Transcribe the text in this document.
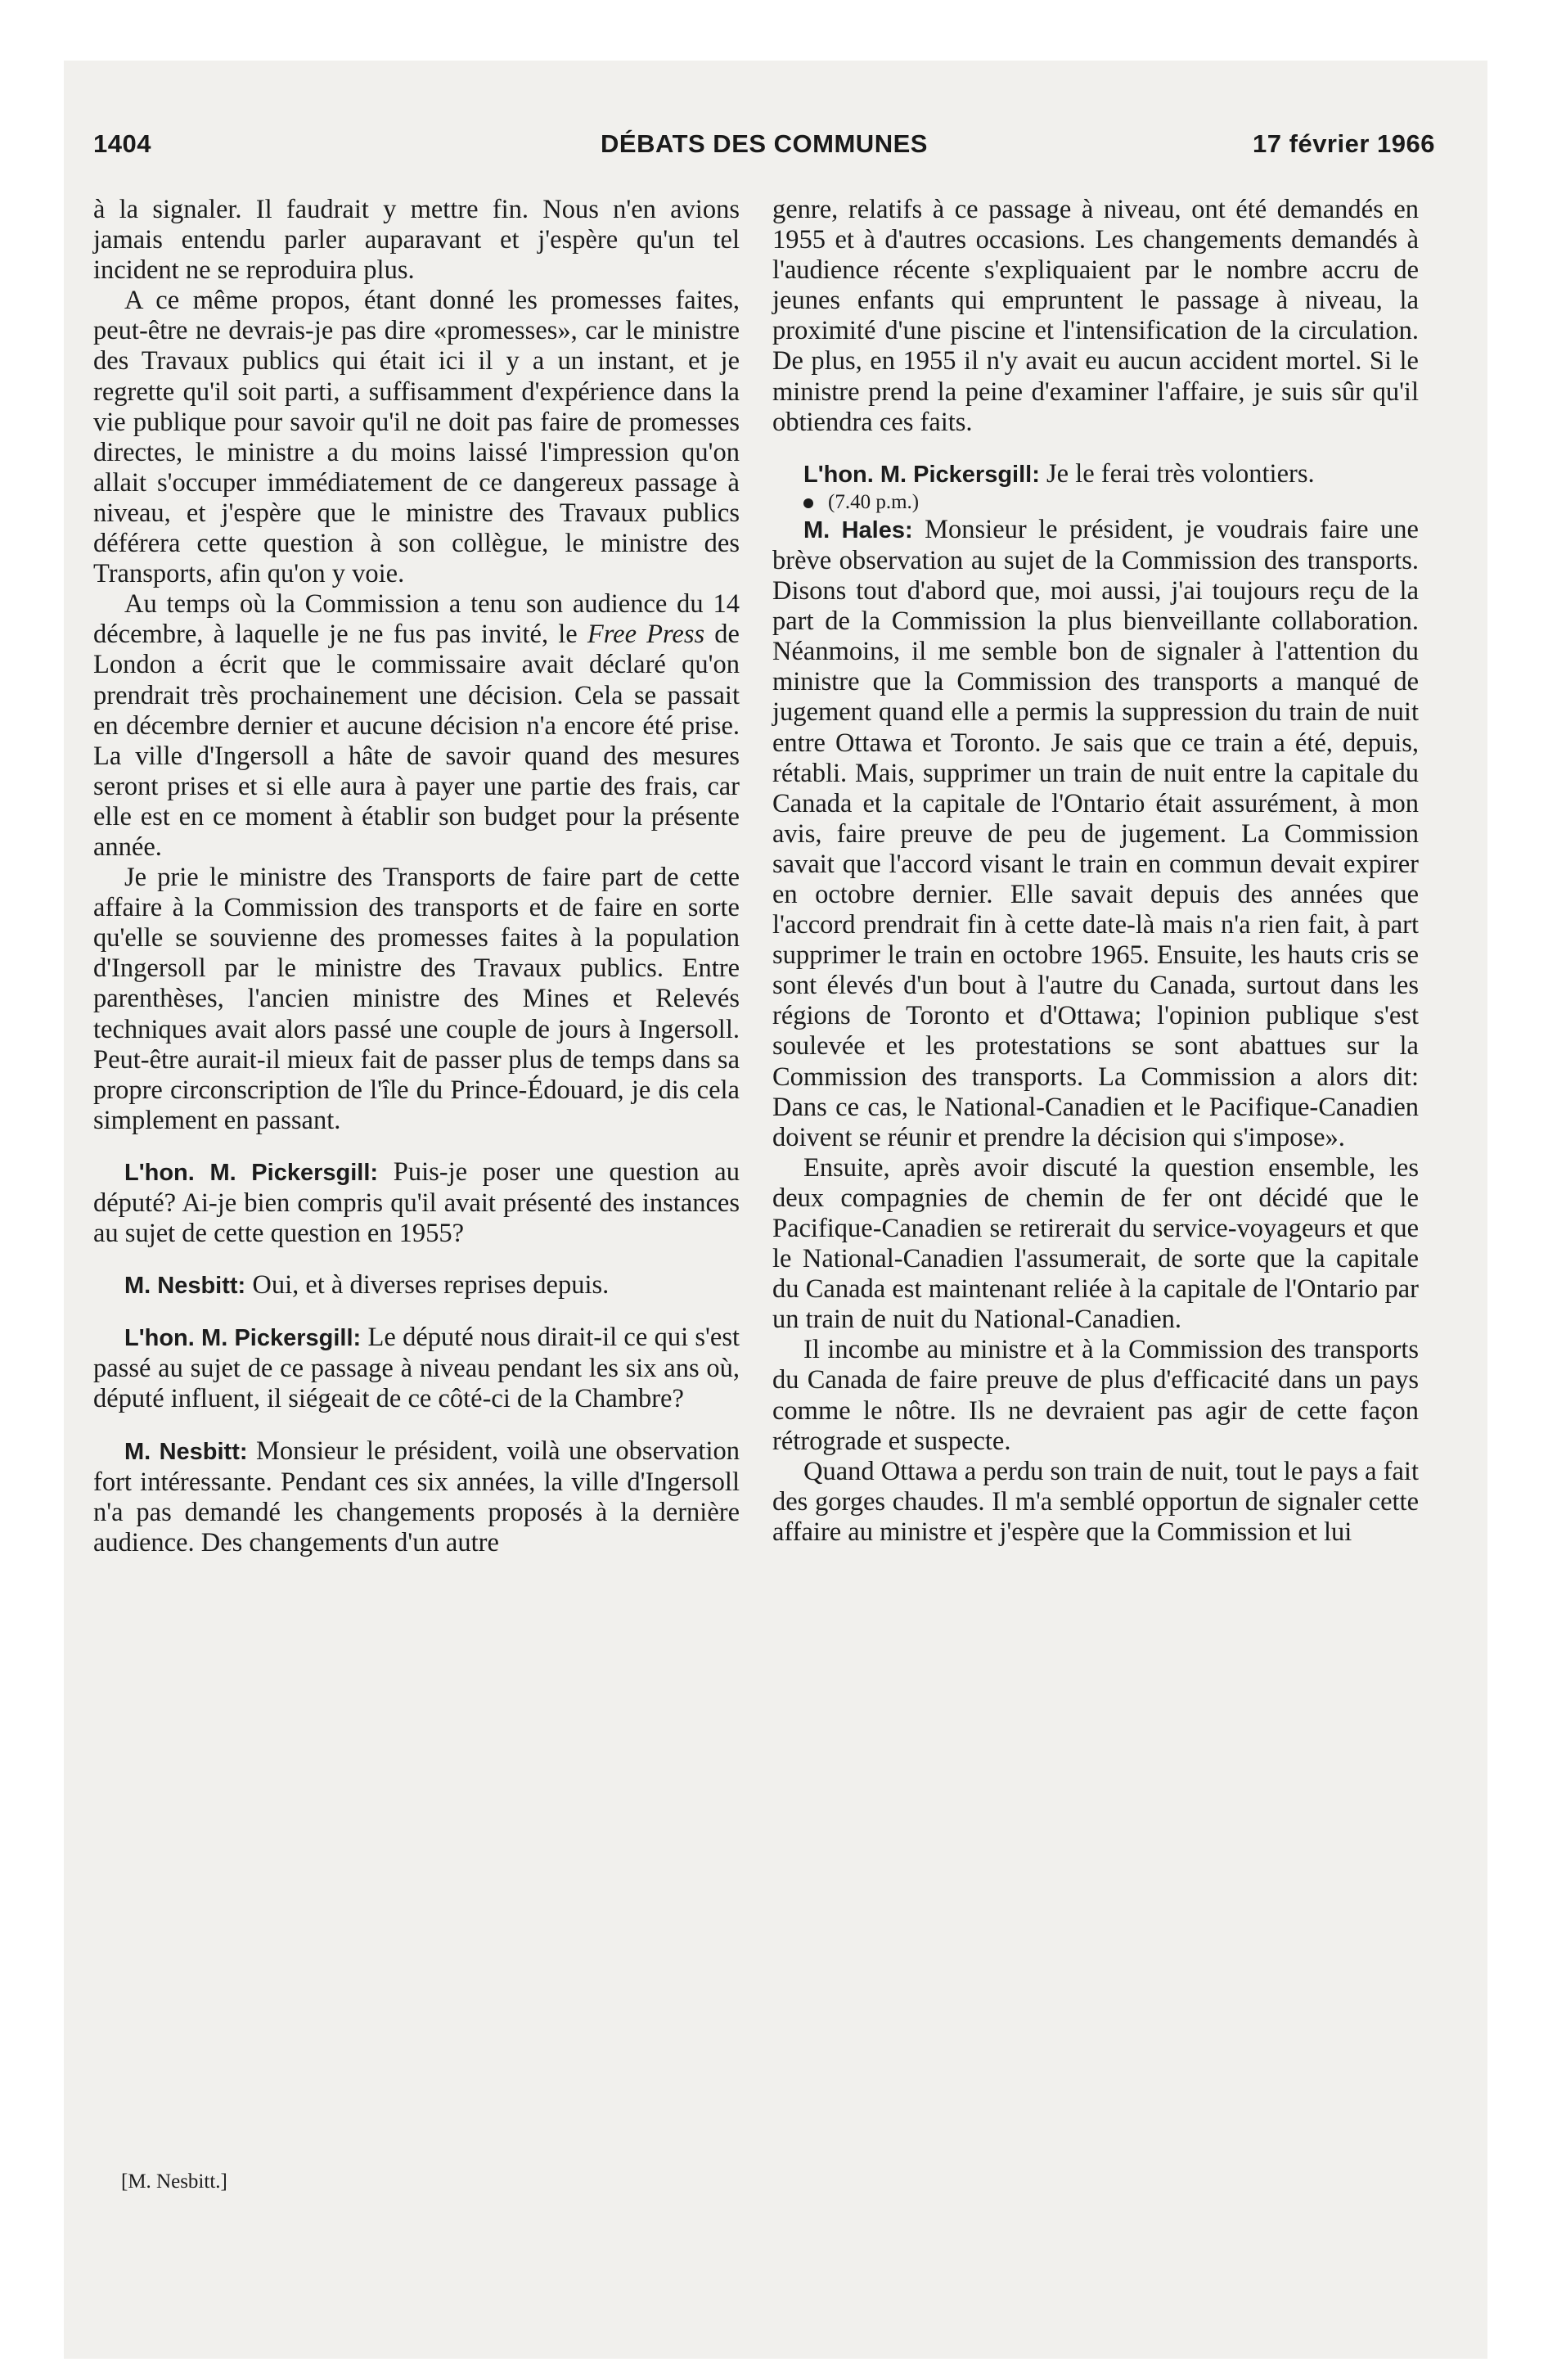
1404	DÉBATS DES COMMUNES	17 février 1966

à la signaler. Il faudrait y mettre fin. Nous n'en avions jamais entendu parler auparavant et j'espère qu'un tel incident ne se reproduira plus.

A ce même propos, étant donné les promesses faites, peut-être ne devrais-je pas dire «promesses», car le ministre des Travaux publics qui était ici il y a un instant, et je regrette qu'il soit parti, a suffisamment d'expérience dans la vie publique pour savoir qu'il ne doit pas faire de promesses directes, le ministre a du moins laissé l'impression qu'on allait s'occuper immédiatement de ce dangereux passage à niveau, et j'espère que le ministre des Travaux publics déférera cette question à son collègue, le ministre des Transports, afin qu'on y voie.

Au temps où la Commission a tenu son audience du 14 décembre, à laquelle je ne fus pas invité, le Free Press de London a écrit que le commissaire avait déclaré qu'on prendrait très prochainement une décision. Cela se passait en décembre dernier et aucune décision n'a encore été prise. La ville d'Ingersoll a hâte de savoir quand des mesures seront prises et si elle aura à payer une partie des frais, car elle est en ce moment à établir son budget pour la présente année.

Je prie le ministre des Transports de faire part de cette affaire à la Commission des transports et de faire en sorte qu'elle se souvienne des promesses faites à la population d'Ingersoll par le ministre des Travaux publics. Entre parenthèses, l'ancien ministre des Mines et Relevés techniques avait alors passé une couple de jours à Ingersoll. Peut-être aurait-il mieux fait de passer plus de temps dans sa propre circonscription de l'île du Prince-Édouard, je dis cela simplement en passant.

L'hon. M. Pickersgill: Puis-je poser une question au député? Ai-je bien compris qu'il avait présenté des instances au sujet de cette question en 1955?

M. Nesbitt: Oui, et à diverses reprises depuis.

L'hon. M. Pickersgill: Le député nous dirait-il ce qui s'est passé au sujet de ce passage à niveau pendant les six ans où, député influent, il siégeait de ce côté-ci de la Chambre?

M. Nesbitt: Monsieur le président, voilà une observation fort intéressante. Pendant ces six années, la ville d'Ingersoll n'a pas demandé les changements proposés à la dernière audience. Des changements d'un autre

genre, relatifs à ce passage à niveau, ont été demandés en 1955 et à d'autres occasions. Les changements demandés à l'audience récente s'expliquaient par le nombre accru de jeunes enfants qui empruntent le passage à niveau, la proximité d'une piscine et l'intensification de la circulation. De plus, en 1955 il n'y avait eu aucun accident mortel. Si le ministre prend la peine d'examiner l'affaire, je suis sûr qu'il obtiendra ces faits.

L'hon. M. Pickersgill: Je le ferai très volontiers.

(7.40 p.m.)

M. Hales: Monsieur le président, je voudrais faire une brève observation au sujet de la Commission des transports. Disons tout d'abord que, moi aussi, j'ai toujours reçu de la part de la Commission la plus bienveillante collaboration. Néanmoins, il me semble bon de signaler à l'attention du ministre que la Commission des transports a manqué de jugement quand elle a permis la suppression du train de nuit entre Ottawa et Toronto. Je sais que ce train a été, depuis, rétabli. Mais, supprimer un train de nuit entre la capitale du Canada et la capitale de l'Ontario était assurément, à mon avis, faire preuve de peu de jugement. La Commission savait que l'accord visant le train en commun devait expirer en octobre dernier. Elle savait depuis des années que l'accord prendrait fin à cette date-là mais n'a rien fait, à part supprimer le train en octobre 1965. Ensuite, les hauts cris se sont élevés d'un bout à l'autre du Canada, surtout dans les régions de Toronto et d'Ottawa; l'opinion publique s'est soulevée et les protestations se sont abattues sur la Commission des transports. La Commission a alors dit: Dans ce cas, le National-Canadien et le Pacifique-Canadien doivent se réunir et prendre la décision qui s'impose».

Ensuite, après avoir discuté la question ensemble, les deux compagnies de chemin de fer ont décidé que le Pacifique-Canadien se retirerait du service-voyageurs et que le National-Canadien l'assumerait, de sorte que la capitale du Canada est maintenant reliée à la capitale de l'Ontario par un train de nuit du National-Canadien.

Il incombe au ministre et à la Commission des transports du Canada de faire preuve de plus d'efficacité dans un pays comme le nôtre. Ils ne devraient pas agir de cette façon rétrograde et suspecte.

Quand Ottawa a perdu son train de nuit, tout le pays a fait des gorges chaudes. Il m'a semblé opportun de signaler cette affaire au ministre et j'espère que la Commission et lui

[M. Nesbitt.]
